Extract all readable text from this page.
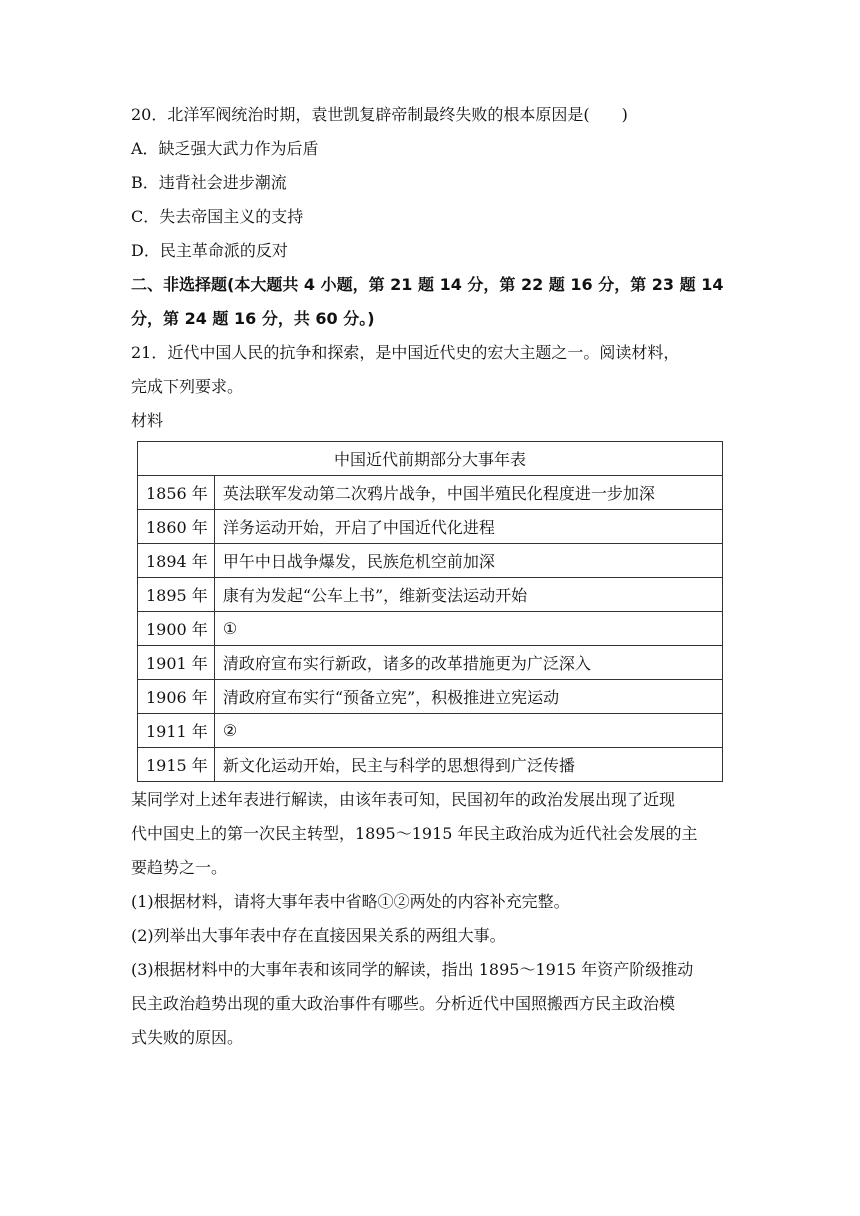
20．北洋军阀统治时期，袁世凯复辟帝制最终失败的根本原因是(　　)
A．缺乏强大武力作为后盾
B．违背社会进步潮流
C．失去帝国主义的支持
D．民主革命派的反对
二、非选择题(本大题共 4 小题，第 21 题 14 分，第 22 题 16 分，第 23 题 14
分，第 24 题 16 分，共 60 分。)
21．近代中国人民的抗争和探索，是中国近代史的宏大主题之一。阅读材料，
完成下列要求。
材料
中国近代前期部分大事年表	
1856 年	英法联军发动第二次鸦片战争，中国半殖民化程度进一步加深
1860 年	洋务运动开始，开启了中国近代化进程
1894 年	甲午中日战争爆发，民族危机空前加深
1895 年	康有为发起“公车上书”，维新变法运动开始
1900 年	①
1901 年	清政府宣布实行新政，诸多的改革措施更为广泛深入
1906 年	清政府宣布实行“预备立宪”，积极推进立宪运动
1911 年	②
1915 年	新文化运动开始，民主与科学的思想得到广泛传播
某同学对上述年表进行解读，由该年表可知，民国初年的政治发展出现了近现
代中国史上的第一次民主转型，1895～1915 年民主政治成为近代社会发展的主
要趋势之一。
(1)根据材料，请将大事年表中省略①②两处的内容补充完整。
(2)列举出大事年表中存在直接因果关系的两组大事。
(3)根据材料中的大事年表和该同学的解读，指出 1895～1915 年资产阶级推动
民主政治趋势出现的重大政治事件有哪些。分析近代中国照搬西方民主政治模
式失败的原因。
